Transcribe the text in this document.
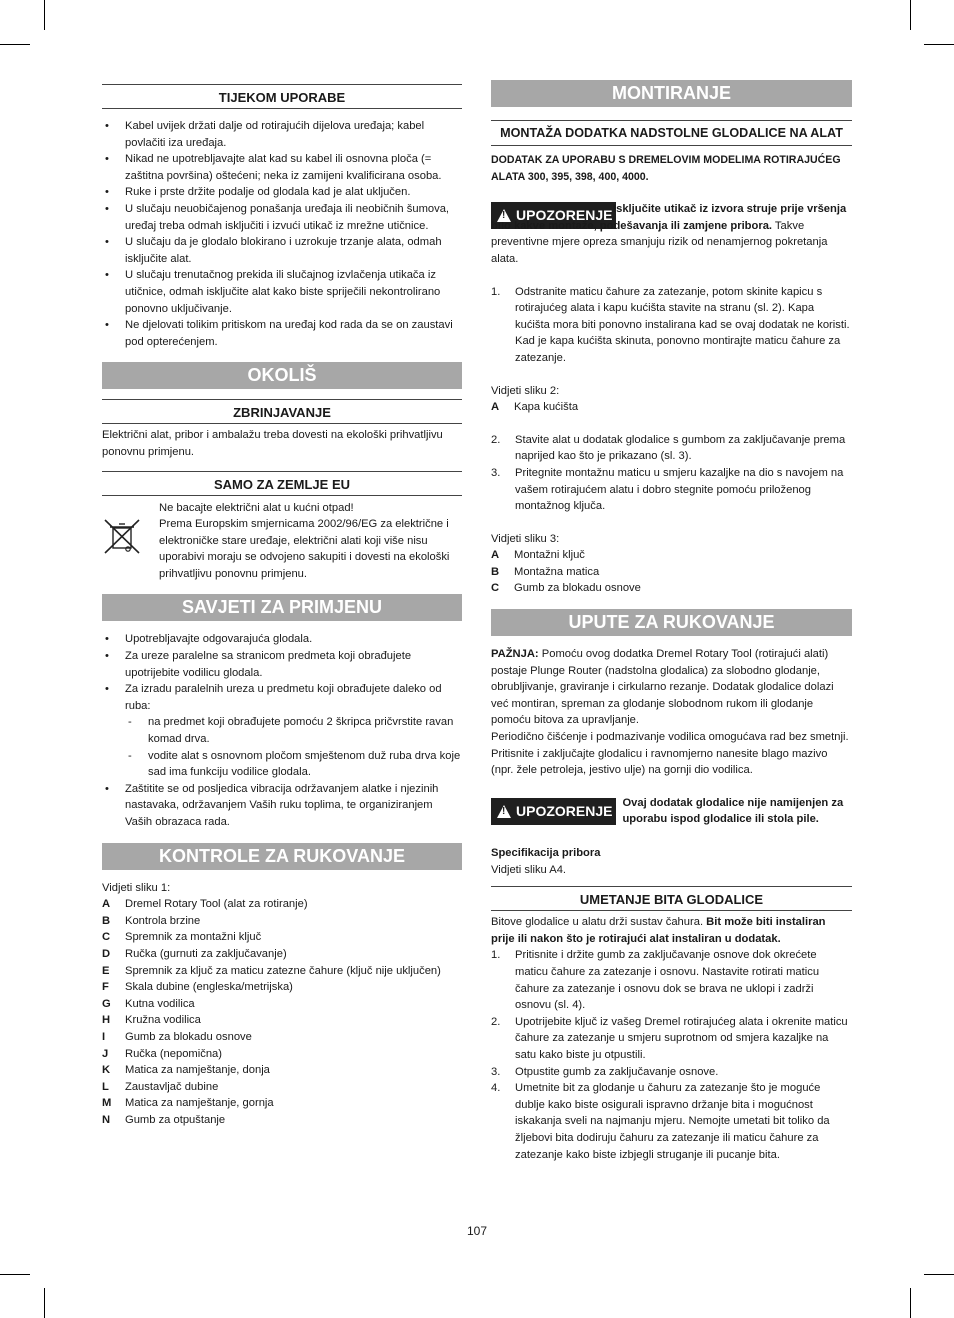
TIJEKOM UPORABE
• Kabel uvijek držati dalje od rotirajućih dijelova uređaja; kabel povlačiti iza uređaja.
• Nikad ne upotrebljavajte alat kad su kabel ili osnovna ploča (= zaštitna površina) oštećeni; neka iz zamijeni kvalificirana osoba.
• Ruke i prste držite podalje od glodala kad je alat uključen.
• U slučaju neuobičajenog ponašanja uređaja ili neobičnih šumova, uređaj treba odmah isključiti i izvući utikač iz mrežne utičnice.
• U slučaju da je glodalo blokirano i uzrokuje trzanje alata, odmah isključite alat.
• U slučaju trenutačnog prekida ili slučajnog izvlačenja utikača iz utičnice, odmah isključite alat kako biste spriječili nekontrolirano ponovno uključivanje.
• Ne djelovati tolikim pritiskom na uređaj kod rada da se on zaustavi pod opterećenjem.
OKOLIŠ
ZBRINJAVANJE

Električni alat, pribor i ambalažu treba dovesti na ekološki prihvatljivu ponovnu primjenu.

SAMO ZA ZEMLJE EU

Ne bacajte električni alat u kućni otpad!

Prema Europskim smjernicama 2002/96/EG za električne i elektroničke stare uređaje, električni alati koji više nisu uporabivi moraju se odvojeno sakupiti i dovesti na ekološki prihvatljivu ponovnu primjenu.

SAVJETI ZA PRIMJENU
• Upotrebljavajte odgovarajuća glodala.
• Za ureze paralelne sa stranicom predmeta koji obrađujete upotrijebite vodilicu glodala.
• Za izradu paralelnih ureza u predmetu koji obrađujete daleko od ruba:
- na predmet koji obrađujete pomoću 2 škripca pričvrstite ravan komad drva.
- vodite alat s osnovnom pločom smještenom duž ruba drva koje sad ima funkciju vodilice glodala.
• Zaštitite se od posljedica vibracija održavanjem alatke i njezinih nastavaka, održavanjem Vaših ruku toplima, te organiziranjem Vaših obrazaca rada.
KONTROLE ZA RUKOVANJE

Vidjeti sliku 1:

A	Dremel Rotary Tool (alat za rotiranje)
B	Kontrola brzine
C	Spremnik za montažni ključ
D	Ručka (gurnuti za zaključavanje)
E	Spremnik za ključ za maticu zatezne čahure (ključ nije uključen)
F	Skala dubine (engleska/metrijska)
G	Kutna vodilica
H	Kružna vodilica
I	Gumb za blokadu osnove
J	Ručka (nepomična)
K	Matica za namještanje, donja
L	Zaustavljač dubine
M	Matica za namještanje, gornja
N	Gumb za otpuštanje
MONTIRANJE
MONTAŽA DODATKA NADSTOLNE GLODALICE NA ALAT

DODATAK ZA UPORABU S DREMELOVIM MODELIMA ROTIRAJUĆEG ALATA 300, 395, 398, 400, 4000.

! UPOZORENJE Isključite utikač iz izvora struje prije vršenja bilo kakve montaže, podešavanja ili zamjene pribora. Takve preventivne mjere opreza smanjuju rizik od nenamjernog pokretanja alata.

1. Odstranite maticu čahure za zatezanje, potom skinite kapicu s rotirajućeg alata i kapu kućišta stavite na stranu (sl. 2). Kapa kućišta mora biti ponovno instalirana kad se ovaj dodatak ne koristi. Kad je kapa kućišta skinuta, ponovno montirajte maticu čahure za zatezanje.

Vidjeti sliku 2:

A	Kapa kućišta
2. Stavite alat u dodatak glodalice s gumbom za zaključavanje prema naprijed kao što je prikazano (sl. 3).
3. Pritegnite montažnu maticu u smjeru kazaljke na dio s navojem na vašem rotirajućem alatu i dobro stegnite pomoću priloženog montažnog ključa.

Vidjeti sliku 3:

A	Montažni ključ
B	Montažna matica
C	Gumb za blokadu osnove
UPUTE ZA RUKOVANJE

PAŽNJA: Pomoću ovog dodatka Dremel Rotary Tool (rotirajući alati) postaje Plunge Router (nadstolna glodalica) za slobodno glodanje, obrubljivanje, graviranje i cirkularno rezanje. Dodatak glodalice dolazi već montiran, spreman za glodanje slobodnom rukom ili glodanje pomoću bitova za upravljanje.

Periodično čišćenje i podmazivanje vodilica omogućava rad bez smetnji. Pritisnite i zaključajte glodalicu i ravnomjerno nanesite blago mazivo (npr. žele petroleja, jestivo ulje) na gornji dio vodilica.

! UPOZORENJE Ovaj dodatak glodalice nije namijenjen za uporabu ispod glodalice ili stola pile.

Specifikacija pribora

Vidjeti sliku A4.

UMETANJE BITA GLODALICE

Bitove glodalice u alatu drži sustav čahura. Bit može biti instaliran prije ili nakon što je rotirajući alat instaliran u dodatak.

1. Pritisnite i držite gumb za zaključavanje osnove dok okrećete maticu čahure za zatezanje i osnovu. Nastavite rotirati maticu čahure za zatezanje i osnovu dok se brava ne uklopi i zadrži osnovu (sl. 4).
2. Upotrijebite ključ iz vašeg Dremel rotirajućeg alata i okrenite maticu čahure za zatezanje u smjeru suprotnom od smjera kazaljke na satu kako biste ju otpustili.
3. Otpustite gumb za zaključavanje osnove.
4. Umetnite bit za glodanje u čahuru za zatezanje što je moguće dublje kako biste osigurali ispravno držanje bita i mogućnost iskakanja sveli na najmanju mjeru. Nemojte umetati bit toliko da žljebovi bita dodiruju čahuru za zatezanje ili maticu čahure za zatezanje kako biste izbjegli struganje ili pucanje bita.
107
